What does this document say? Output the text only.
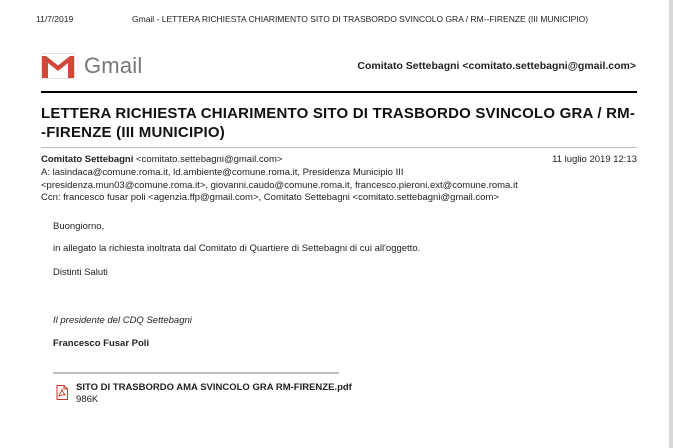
11/7/2019	Gmail - LETTERA RICHIESTA CHIARIMENTO SITO DI TRASBORDO SVINCOLO GRA / RM--FIRENZE (III MUNICIPIO)
Gmail	Comitato Settebagni <comitato.settebagni@gmail.com>
LETTERA RICHIESTA CHIARIMENTO SITO DI TRASBORDO SVINCOLO GRA / RM--FIRENZE (III MUNICIPIO)
Comitato Settebagni <comitato.settebagni@gmail.com>	11 luglio 2019 12:13
A: lasindaca@comune.roma.it, ld.ambiente@comune.roma.it, Presidenza Municipio III
<presidenza.mun03@comune.roma.it>, giovanni.caudo@comune.roma.it, francesco.pieroni.ext@comune.roma.it
Ccn: francesco fusar poli <agenzia.ffp@gmail.com>, Comitato Settebagni <comitato.settebagni@gmail.com>

Buongiorno,

in allegato la richiesta inoltrata dal Comitato di Quartiere di Settebagni di cui all'oggetto.

Distinti Saluti

Il presidente del CDQ Settebagni

Francesco Fusar Poli

SITO DI TRASBORDO AMA SVINCOLO GRA RM-FIRENZE.pdf
986K
